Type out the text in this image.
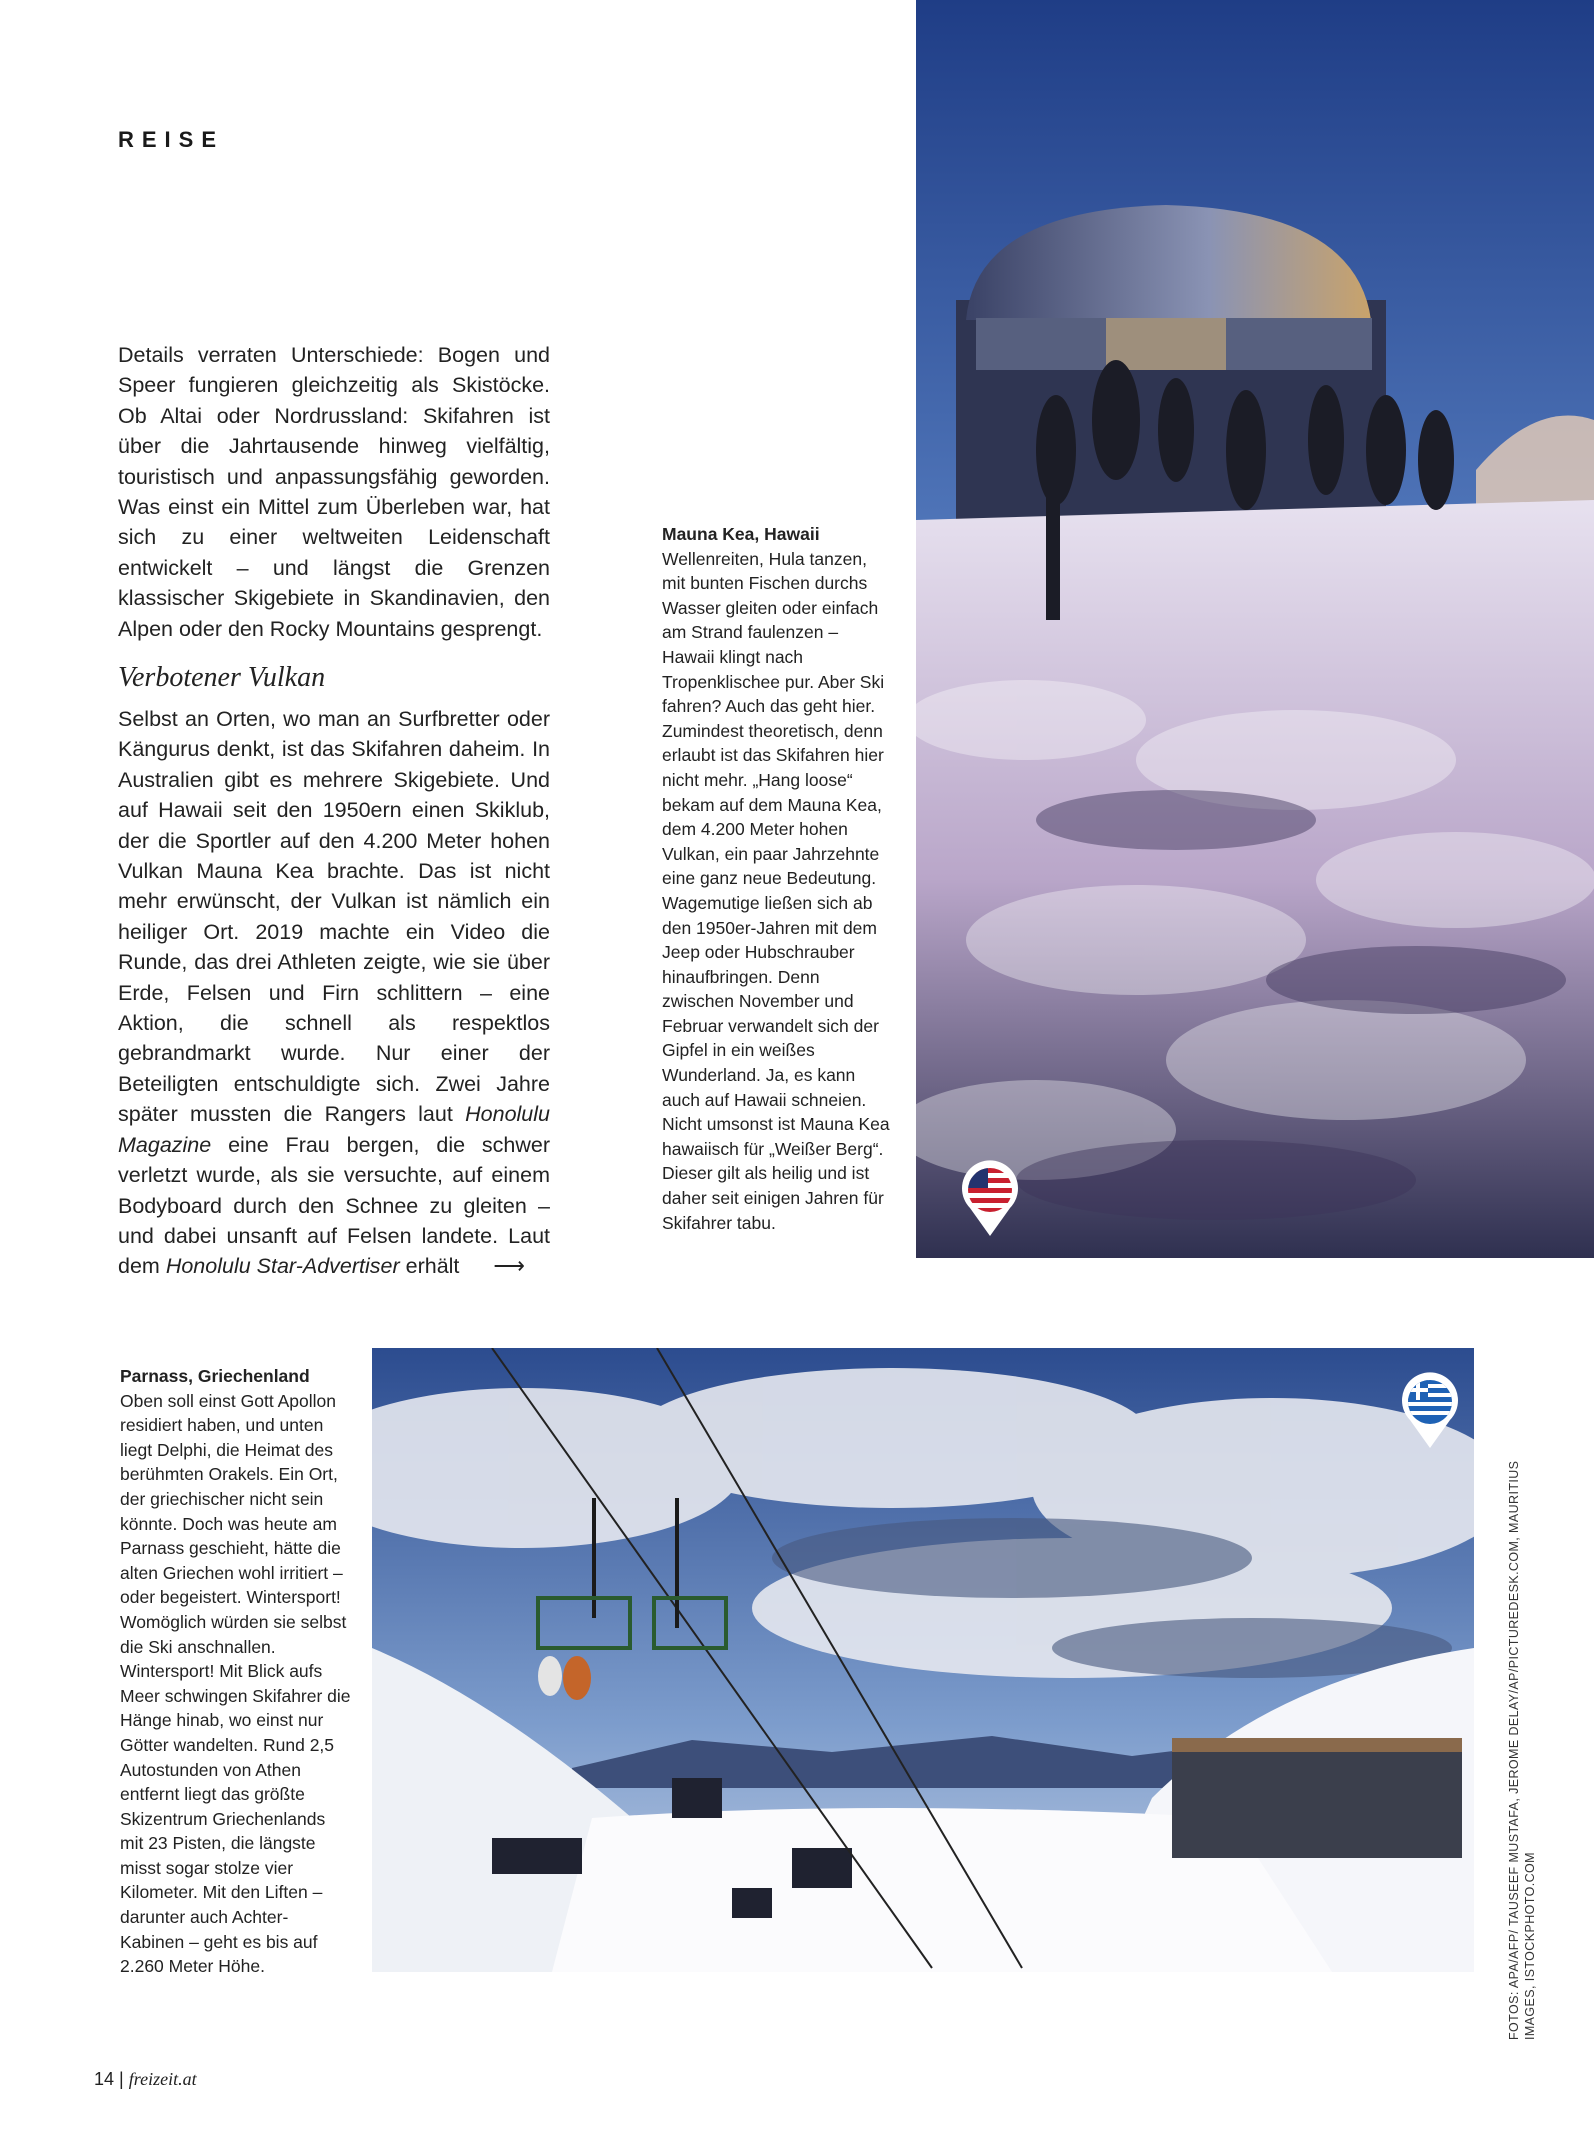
REISE

Details verraten Unterschiede: Bogen und Speer fungieren gleichzeitig als Skistöcke. Ob Altai oder Nordrussland: Skifahren ist über die Jahrtausende hinweg vielfältig, touristisch und anpassungsfähig geworden. Was einst ein Mittel zum Überleben war, hat sich zu einer weltweiten Leidenschaft entwickelt – und längst die Grenzen klassischer Skigebiete in Skandinavien, den Alpen oder den Rocky Mountains gesprengt.

Verbotener Vulkan

Selbst an Orten, wo man an Surfbretter oder Kängurus denkt, ist das Skifahren daheim. In Australien gibt es mehrere Skigebiete. Und auf Hawaii seit den 1950ern einen Skiklub, der die Sportler auf den 4.200 Meter hohen Vulkan Mauna Kea brachte. Das ist nicht mehr erwünscht, der Vulkan ist nämlich ein heiliger Ort. 2019 machte ein Video die Runde, das drei Athleten zeigte, wie sie über Erde, Felsen und Firn schlittern – eine Aktion, die schnell als respektlos gebrandmarkt wurde. Nur einer der Beteiligten entschuldigte sich. Zwei Jahre später mussten die Rangers laut Honolulu Magazine eine Frau bergen, die schwer verletzt wurde, als sie versuchte, auf einem Bodyboard durch den Schnee zu gleiten – und dabei unsanft auf Felsen landete. Laut dem Honolulu Star-Advertiser erhält ⟶

Mauna Kea, Hawaii
Wellenreiten, Hula tanzen, mit bunten Fischen durchs Wasser gleiten oder einfach am Strand faulenzen – Hawaii klingt nach Tropenklischee pur. Aber Ski fahren? Auch das geht hier. Zumindest theoretisch, denn erlaubt ist das Skifahren hier nicht mehr. „Hang loose“ bekam auf dem Mauna Kea, dem 4.200 Meter hohen Vulkan, ein paar Jahrzehnte eine ganz neue Bedeutung. Wagemutige ließen sich ab den 1950er-Jahren mit dem Jeep oder Hubschrauber hinaufbringen. Denn zwischen November und Februar verwandelt sich der Gipfel in ein weißes Wunderland. Ja, es kann auch auf Hawaii schneien. Nicht umsonst ist Mauna Kea hawaiisch für „Weißer Berg“. Dieser gilt als heilig und ist daher seit einigen Jahren für Skifahrer tabu.
Parnass, Griechenland
Oben soll einst Gott Apollon residiert haben, und unten liegt Delphi, die Heimat des berühmten Orakels. Ein Ort, der griechischer nicht sein könnte. Doch was heute am Parnass geschieht, hätte die alten Griechen wohl irritiert – oder begeistert. Wintersport! Womöglich würden sie selbst die Ski anschnallen. Wintersport! Mit Blick aufs Meer schwingen Skifahrer die Hänge hinab, wo einst nur Götter wandelten. Rund 2,5 Autostunden von Athen entfernt liegt das größte Skizentrum Griechenlands mit 23 Pisten, die längste misst sogar stolze vier Kilometer. Mit den Liften – darunter auch Achter-Kabinen – geht es bis auf 2.260 Meter Höhe.	FOTOS: APA/AFP/ TAUSEEF MUSTAFA, JEROME DELAY/AP/PICTUREDESK.COM, MAURITIUS IMAGES, ISTOCKPHOTO.COM
14 | freizeit.at
